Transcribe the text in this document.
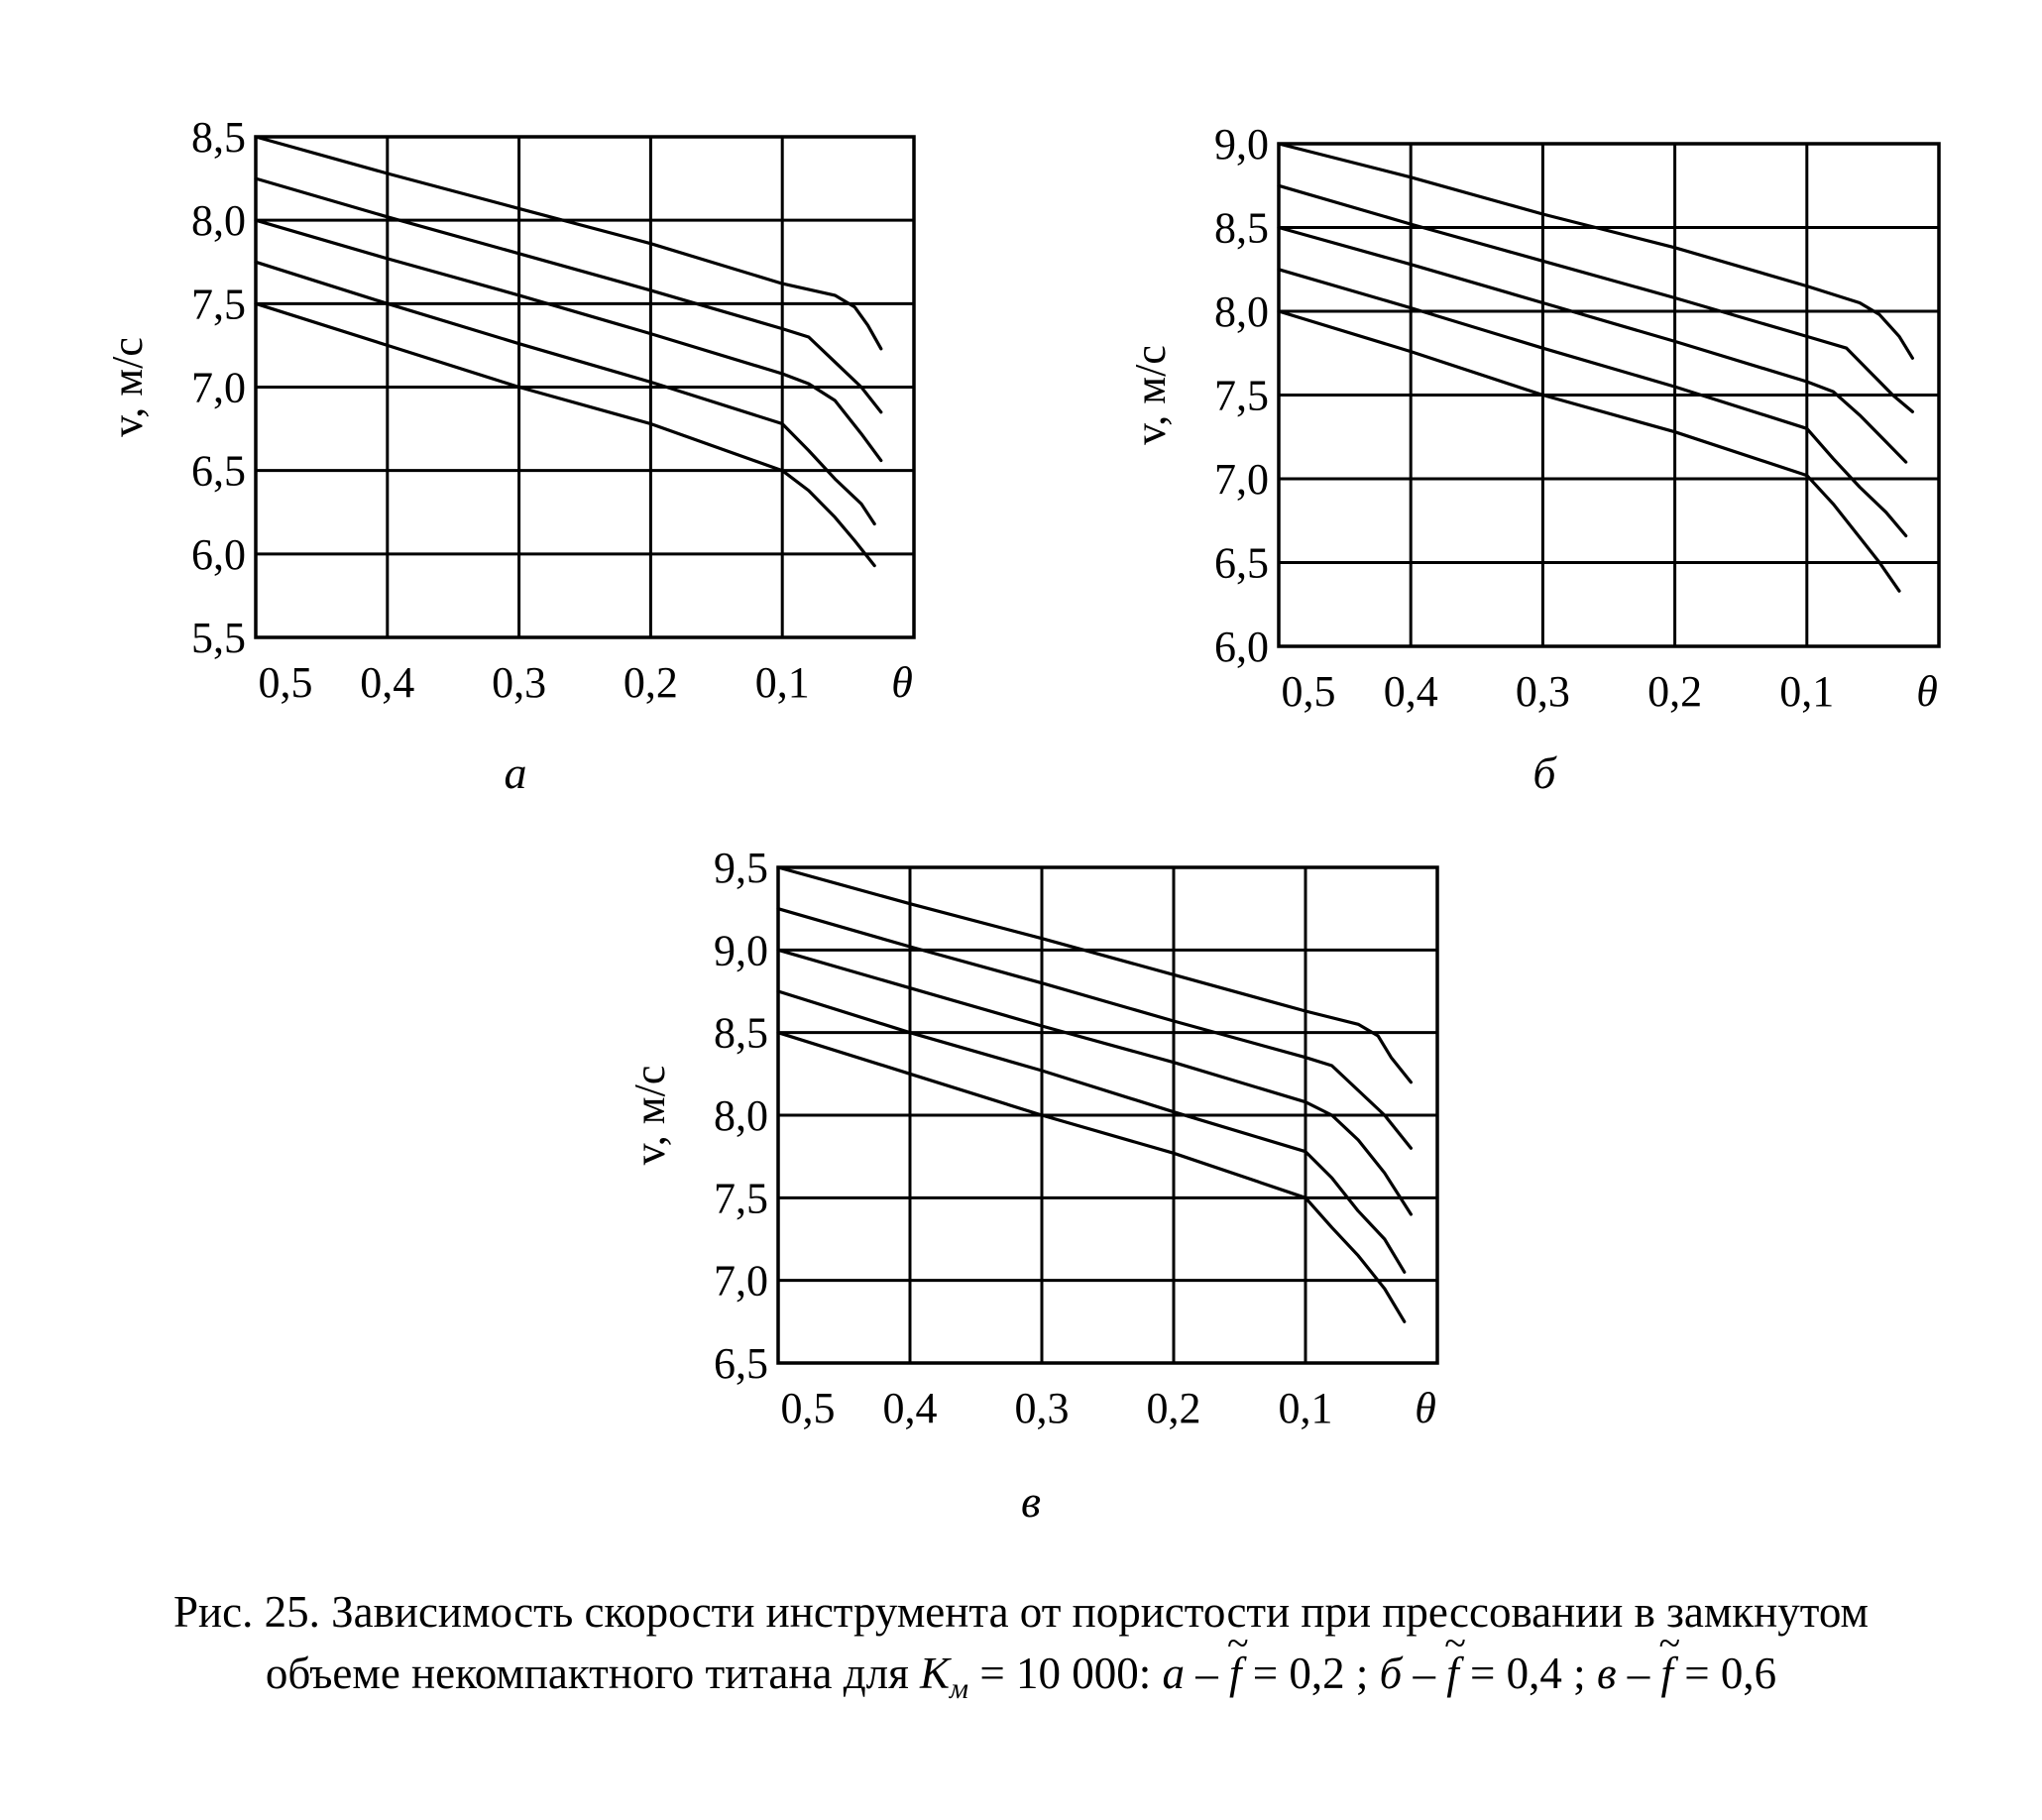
8,5
8,0
7,5
7,0
6,5
6,0
5,5
0,5 0,4 0,3 0,2 0,1 θ
v, м/с
а
9,0
8,5
8,0
7,5
7,0
6,5
6,0
0,5 0,4 0,3 0,2 0,1 θ
v, м/с
б
9,5
9,0
8,5
8,0
7,5
7,0
6,5
0,5 0,4 0,3 0,2 0,1 θ
v, м/с
в
Рис. 25. Зависимость скорости инструмента от пористости при прессовании в замкнутом
объеме некомпактного титана для $К_м = 10$ 000: а – ~ f = 0,2 ; б – ~ f = 0,4 ; в – ~ f = 0,6
